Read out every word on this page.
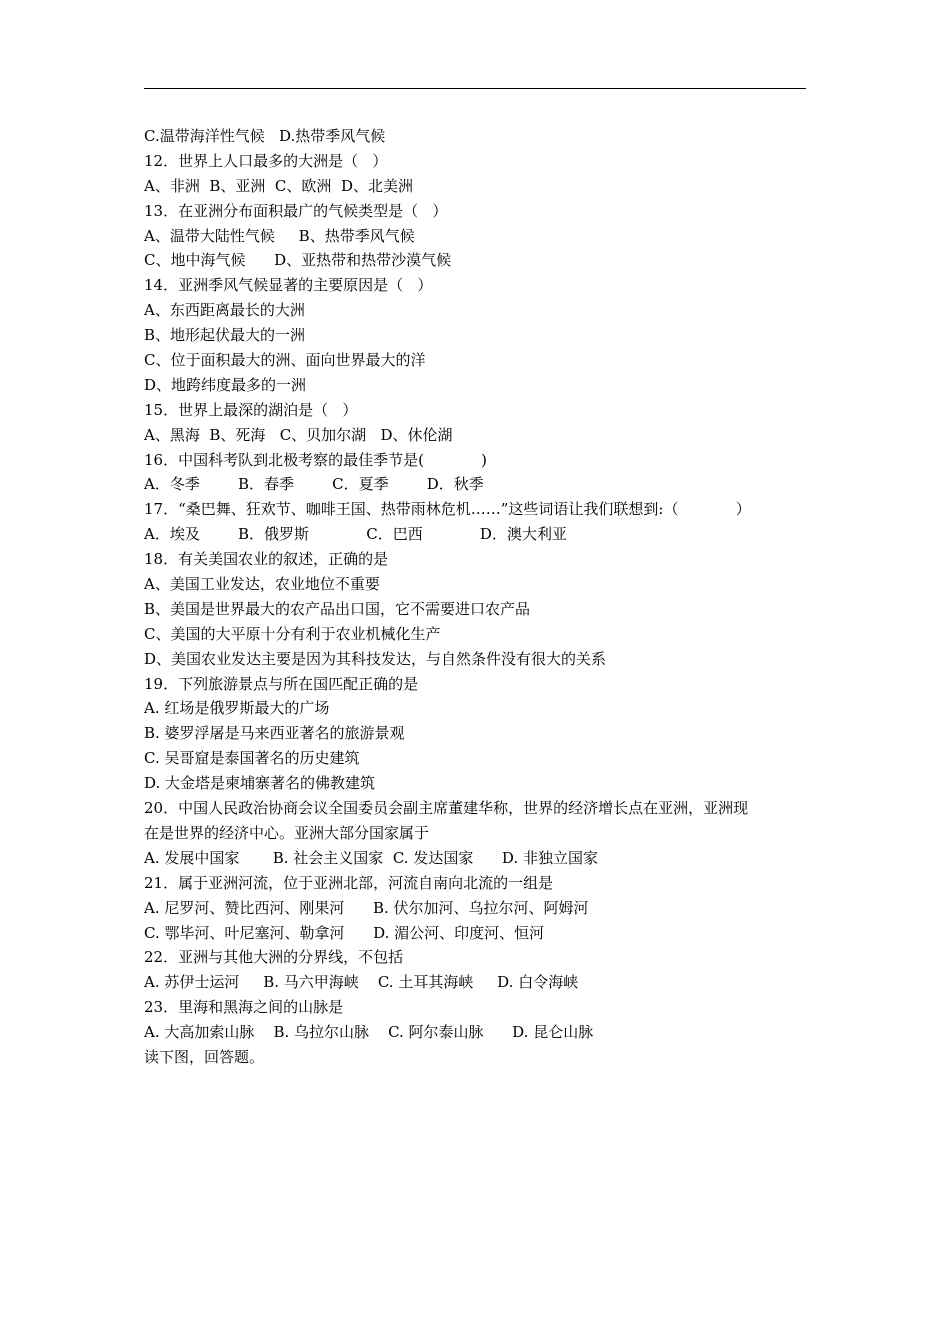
C.温带海洋性气候   D.热带季风气候
12．世界上人口最多的大洲是（   ）
A、非洲  B、亚洲  C、欧洲  D、北美洲
13．在亚洲分布面积最广的气候类型是（   ）
A、温带大陆性气候     B、热带季风气候
C、地中海气候      D、亚热带和热带沙漠气候
14．亚洲季风气候显著的主要原因是（   ）
A、东西距离最长的大洲
B、地形起伏最大的一洲
C、位于面积最大的洲、面向世界最大的洋
D、地跨纬度最多的一洲
15．世界上最深的湖泊是（   ）
A、黑海  B、死海   C、贝加尔湖   D、休伦湖
16．中国科考队到北极考察的最佳季节是(            )
A．冬季        B．春季        C．夏季        D．秋季
17．“桑巴舞、狂欢节、咖啡王国、热带雨林危机……”这些词语让我们联想到:（            ）
A．埃及        B．俄罗斯            C．巴西            D．澳大利亚
18．有关美国农业的叙述，正确的是
A、美国工业发达，农业地位不重要
B、美国是世界最大的农产品出口国，它不需要进口农产品
C、美国的大平原十分有利于农业机械化生产
D、美国农业发达主要是因为其科技发达，与自然条件没有很大的关系
19．下列旅游景点与所在国匹配正确的是
A. 红场是俄罗斯最大的广场
B. 婆罗浮屠是马来西亚著名的旅游景观
C. 吴哥窟是泰国著名的历史建筑
D. 大金塔是柬埔寨著名的佛教建筑
20．中国人民政治协商会议全国委员会副主席董建华称，世界的经济增长点在亚洲，亚洲现
在是世界的经济中心。亚洲大部分国家属于
A. 发展中国家       B. 社会主义国家  C. 发达国家      D. 非独立国家
21．属于亚洲河流，位于亚洲北部，河流自南向北流的一组是
A. 尼罗河、赞比西河、刚果河      B. 伏尔加河、乌拉尔河、阿姆河
C. 鄂毕河、叶尼塞河、勒拿河      D. 湄公河、印度河、恒河
22．亚洲与其他大洲的分界线，不包括
A. 苏伊士运河     B. 马六甲海峡    C. 土耳其海峡     D. 白令海峡
23．里海和黑海之间的山脉是
A. 大高加索山脉    B. 乌拉尔山脉    C. 阿尔泰山脉      D. 昆仑山脉
读下图，回答题。
